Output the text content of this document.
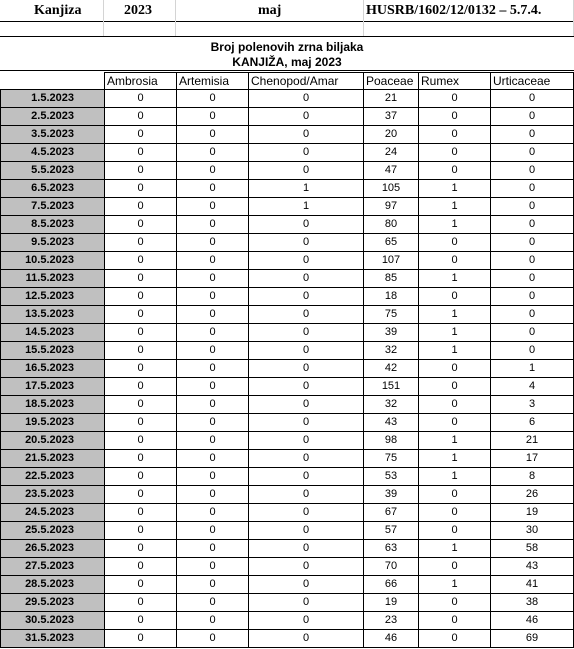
Kanjiza	2023	maj	HUSRB/1602/12/0132 – 5.7.4.
Broj polenovih zrna biljaka
KANJIŽA, maj 2023
	Ambrosia	Artemisia	Chenopod/Amar	Poaceae	Rumex	Urticaceae
1.5.2023	0	0	0	21	0	0
2.5.2023	0	0	0	37	0	0
3.5.2023	0	0	0	20	0	0
4.5.2023	0	0	0	24	0	0
5.5.2023	0	0	0	47	0	0
6.5.2023	0	0	1	105	1	0
7.5.2023	0	0	1	97	1	0
8.5.2023	0	0	0	80	1	0
9.5.2023	0	0	0	65	0	0
10.5.2023	0	0	0	107	0	0
11.5.2023	0	0	0	85	1	0
12.5.2023	0	0	0	18	0	0
13.5.2023	0	0	0	75	1	0
14.5.2023	0	0	0	39	1	0
15.5.2023	0	0	0	32	1	0
16.5.2023	0	0	0	42	0	1
17.5.2023	0	0	0	151	0	4
18.5.2023	0	0	0	32	0	3
19.5.2023	0	0	0	43	0	6
20.5.2023	0	0	0	98	1	21
21.5.2023	0	0	0	75	1	17
22.5.2023	0	0	0	53	1	8
23.5.2023	0	0	0	39	0	26
24.5.2023	0	0	0	67	0	19
25.5.2023	0	0	0	57	0	30
26.5.2023	0	0	0	63	1	58
27.5.2023	0	0	0	70	0	43
28.5.2023	0	0	0	66	1	41
29.5.2023	0	0	0	19	0	38
30.5.2023	0	0	0	23	0	46
31.5.2023	0	0	0	46	0	69
